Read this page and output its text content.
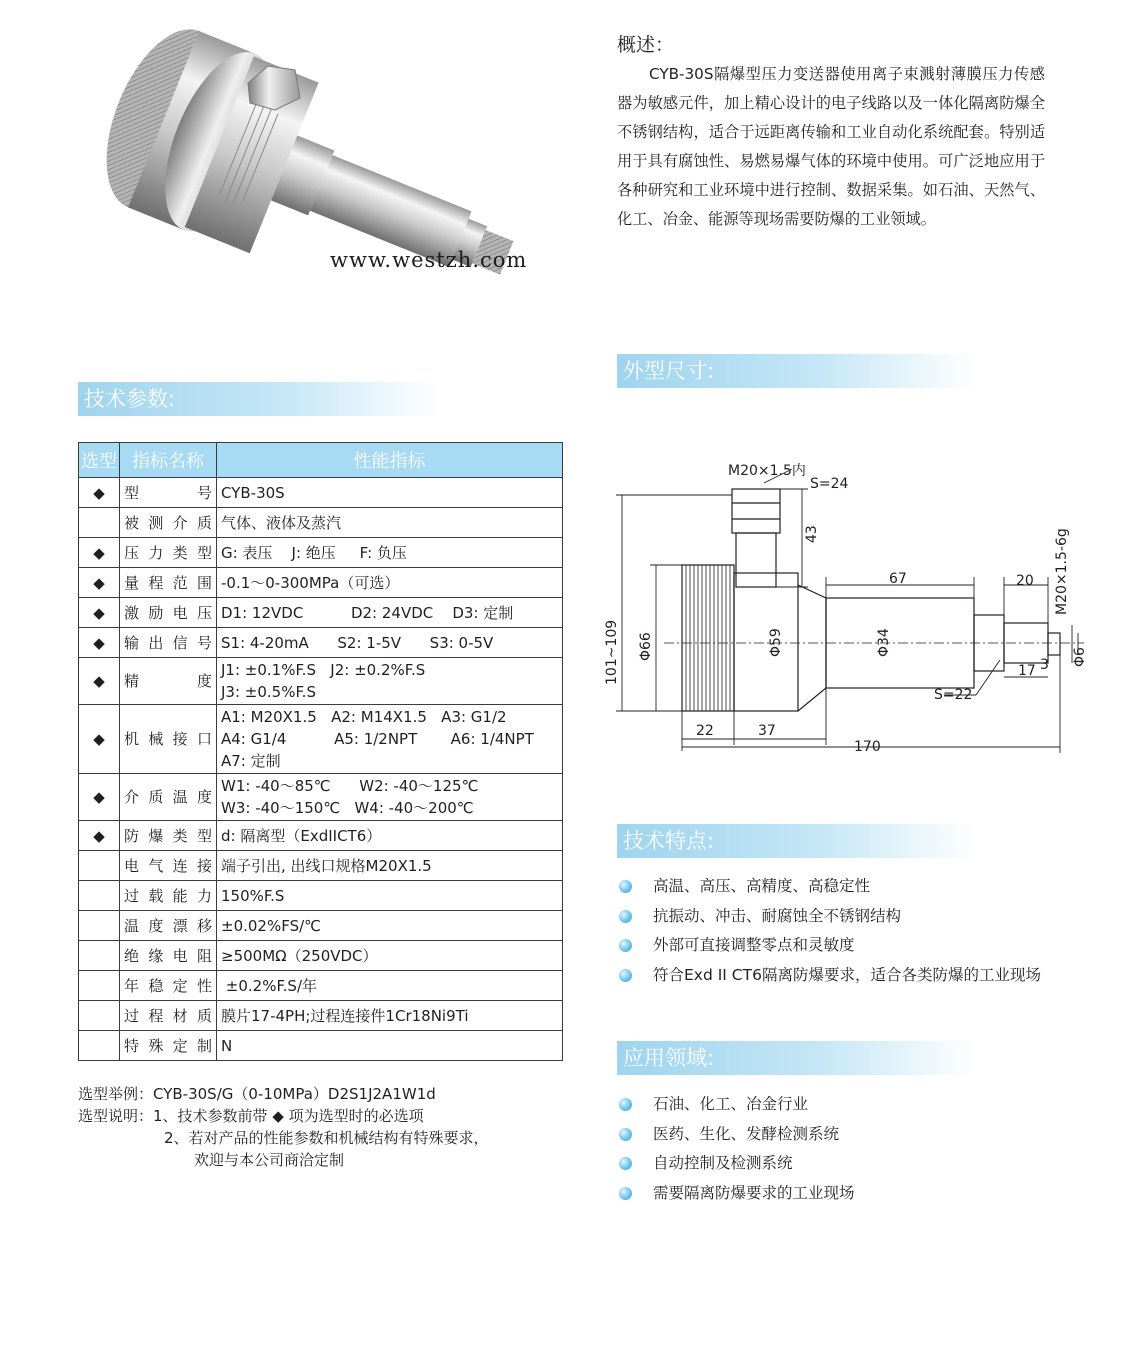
www.westzh.com
概述：
CYB-30S隔爆型压力变送器使用离子束溅射薄膜压力传感器为敏感元件，加上精心设计的电子线路以及一体化隔离防爆全不锈钢结构，适合于远距离传输和工业自动化系统配套。特别适用于具有腐蚀性、易燃易爆气体的环境中使用。可广泛地应用于各种研究和工业环境中进行控制、数据采集。如石油、天然气、化工、冶金、能源等现场需要防爆的工业领域。
技术参数:
外型尺寸:
技术特点:
应用领域:
选型	指标名称	性能指标
◆	型 号	CYB-30S

	被 测 介 质	气体、液体及蒸汽
◆	压 力 类 型	G: 表压    J: 绝压     F: 负压
◆	量 程 范 围	-0.1～0-300MPa（可选）
◆	激 励 电 压	D1: 12VDC          D2: 24VDC    D3: 定制
◆	输 出 信 号	S1: 4-20mA      S2: 1-5V      S3: 0-5V
◆	精 度	J1: ±0.1%F.S   J2: ±0.2%F.S
J3: ±0.5%F.S
◆	机 械 接 口	A1: M20X1.5   A2: M14X1.5   A3: G1/2
A4: G1/4          A5: 1/2NPT       A6: 1/4NPT
A7: 定制
◆	介 质 温 度	W1: -40～85℃      W2: -40～125℃
W3: -40～150℃   W4: -40～200℃
◆	防 爆 类 型	d: 隔离型（ExdIICT6）

	电 气 连 接	端子引出, 出线口规格M20X1.5

	过 载 能 力	150%F.S

	温 度 漂 移	±0.02%FS/℃

	绝 缘 电 阻	≥500MΩ（250VDC）

	年 稳 定 性	±0.2%F.S/年

	过 程 材 质	膜片17-4PH;过程连接件1Cr18Ni9Ti

	特 殊 定 制	N
选型举例：CYB-30S/G（0-10MPa）D2S1J2A1W1d
选型说明：1、技术参数前带 ◆ 项为选型时的必选项
2、若对产品的性能参数和机械结构有特殊要求，
欢迎与本公司商洽定制
M20×1.5内
S=24
43
67	20 M20×1.5-6g
101~109 Φ66	Φ59	Φ34
Φ6
17 3
S=22
22	37
170
高温、高压、高精度、高稳定性
抗振动、冲击、耐腐蚀全不锈钢结构
外部可直接调整零点和灵敏度
符合Exd II CT6隔离防爆要求，适合各类防爆的工业现场
石油、化工、冶金行业
医药、生化、发酵检测系统
自动控制及检测系统
需要隔离防爆要求的工业现场
